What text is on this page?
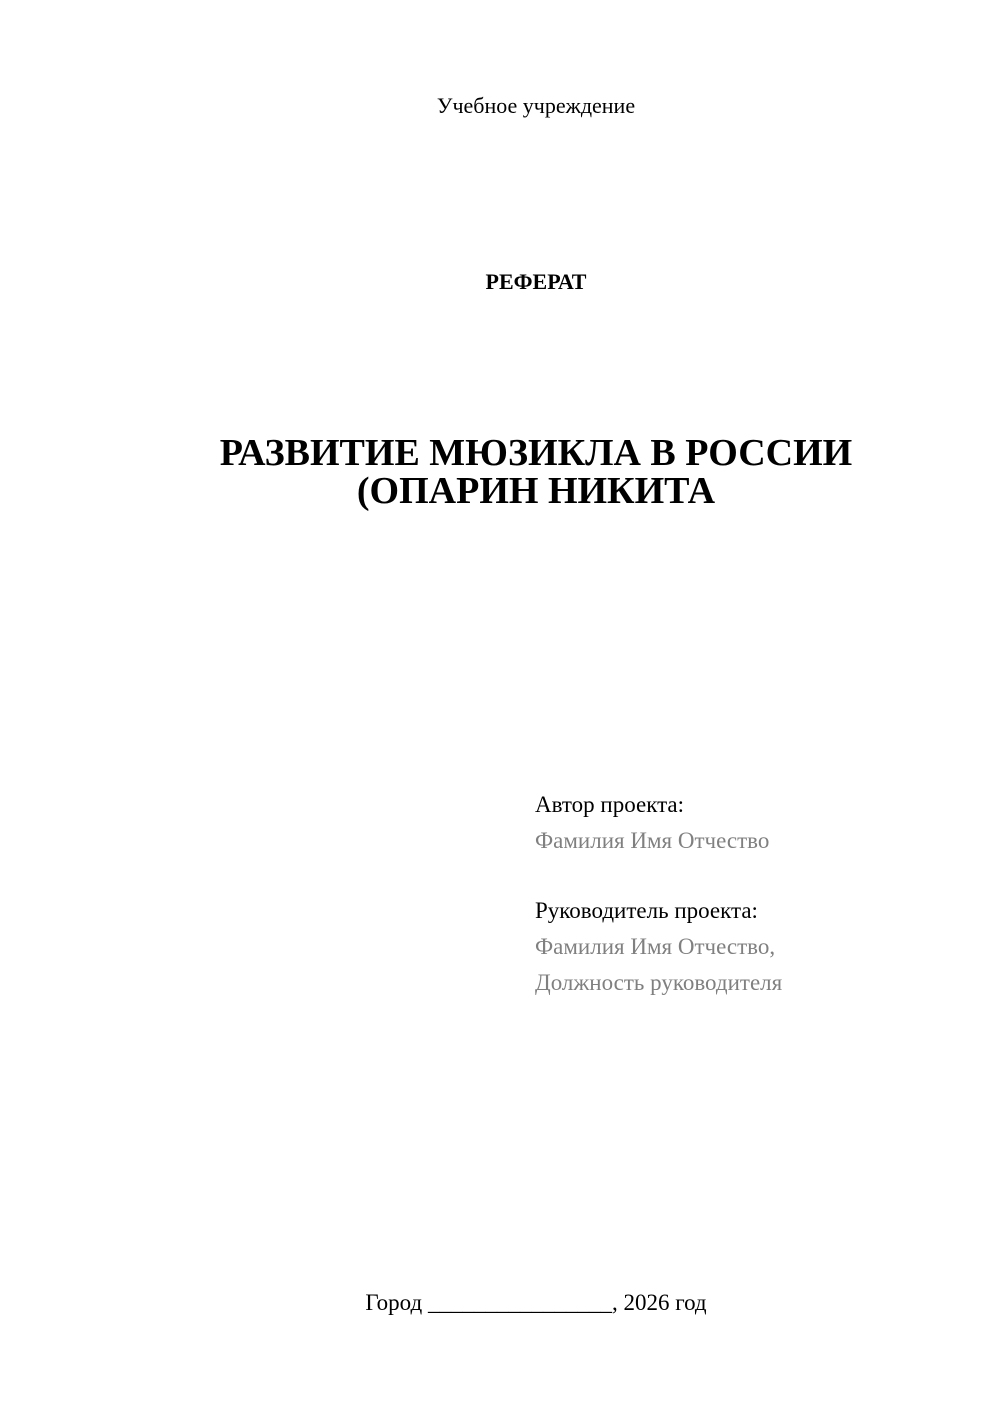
Учебное учреждение
РЕФЕРАТ
РАЗВИТИЕ МЮЗИКЛА В РОССИИ
(ОПАРИН НИКИТА
Автор проекта:
Фамилия Имя Отчество
Руководитель проекта:
Фамилия Имя Отчество,
Должность руководителя
Город ________________, 2026 год
